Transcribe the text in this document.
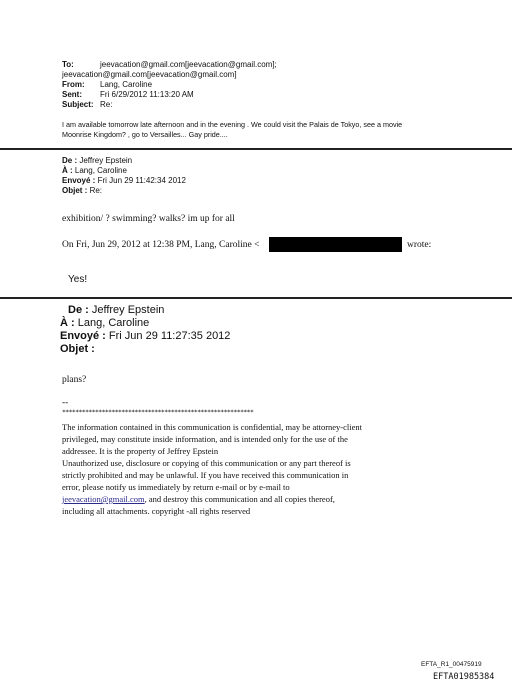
To:	jeevacation@gmail.com[jeevacation@gmail.com];
jeevacation@gmail.com[jeevacation@gmail.com]
From: Lang, Caroline
Sent: Fri 6/29/2012 11:13:20 AM
Subject: Re:
I am available tomorrow late afternoon and in the evening . We could visit the Palais de Tokyo, see a movie
Moonrise Kingdom? , go to Versailles... Gay pride....
De : Jeffrey Epstein
À : Lang, Caroline
Envoyé : Fri Jun 29 11:42:34 2012
Objet : Re:
exhibition/ ? swimming? walks? im up for all
On Fri, Jun 29, 2012 at 12:38 PM, Lang, Caroline <	wrote:
Yes!
De : Jeffrey Epstein
À : Lang, Caroline
Envoyé : Fri Jun 29 11:27:35 2012
Objet :
plans?
--
**********************************************************
The information contained in this communication is confidential, may be attorney-client privileged, may constitute inside information, and is intended only for the use of the addressee. It is the property of Jeffrey Epstein
Unauthorized use, disclosure or copying of this communication or any part thereof is strictly prohibited and may be unlawful. If you have received this communication in error, please notify us immediately by return e-mail or by e-mail to jeevacation@gmail.com, and destroy this communication and all copies thereof, including all attachments. copyright -all rights reserved
EFTA_R1_00475919
EFTA01985384
